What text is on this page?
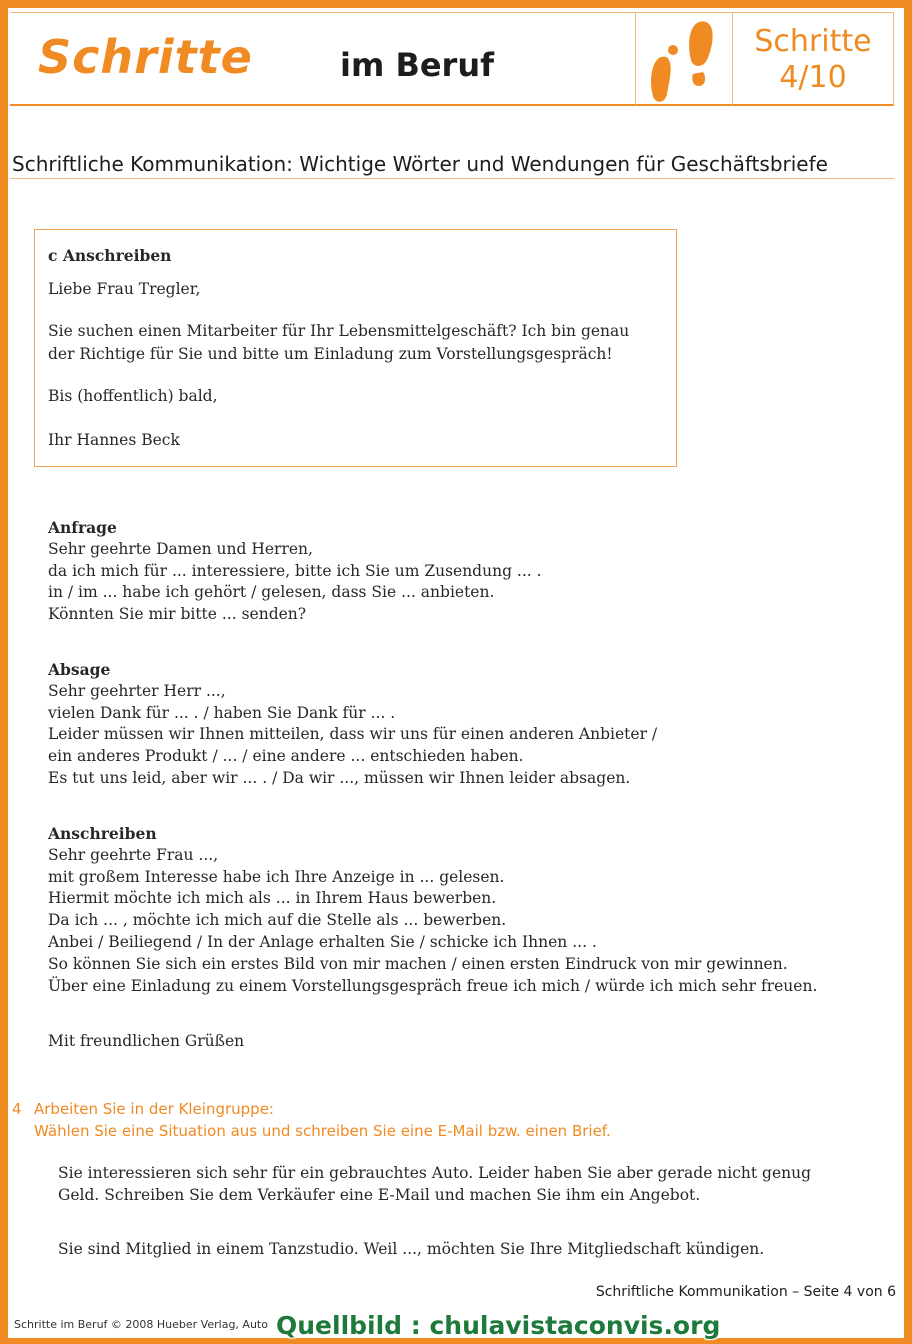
Schritte	im Beruf
Schritte
4/10
Schriftliche Kommunikation: Wichtige Wörter und Wendungen für Geschäftsbriefe
c Anschreiben
Liebe Frau Tregler,
Sie suchen einen Mitarbeiter für Ihr Lebensmittelgeschäft? Ich bin genau
der Richtige für Sie und bitte um Einladung zum Vorstellungsgespräch!
Bis (hoffentlich) bald,
Ihr Hannes Beck
Anfrage
Sehr geehrte Damen und Herren,
da ich mich für ... interessiere, bitte ich Sie um Zusendung ... .
in / im ... habe ich gehört / gelesen, dass Sie ... anbieten.
Könnten Sie mir bitte ... senden?
Absage
Sehr geehrter Herr ...,
vielen Dank für ... . / haben Sie Dank für ... .
Leider müssen wir Ihnen mitteilen, dass wir uns für einen anderen Anbieter /
ein anderes Produkt / ... / eine andere ... entschieden haben.
Es tut uns leid, aber wir ... . / Da wir ..., müssen wir Ihnen leider absagen.
Anschreiben
Sehr geehrte Frau ...,
mit großem Interesse habe ich Ihre Anzeige in ... gelesen.
Hiermit möchte ich mich als ... in Ihrem Haus bewerben.
Da ich ... , möchte ich mich auf die Stelle als ... bewerben.
Anbei / Beiliegend / In der Anlage erhalten Sie / schicke ich Ihnen ... .
So können Sie sich ein erstes Bild von mir machen / einen ersten Eindruck von mir gewinnen.
Über eine Einladung zu einem Vorstellungsgespräch freue ich mich / würde ich mich sehr freuen.
Mit freundlichen Grüßen
4 Arbeiten Sie in der Kleingruppe:
Wählen Sie eine Situation aus und schreiben Sie eine E-Mail bzw. einen Brief.
Sie interessieren sich sehr für ein gebrauchtes Auto. Leider haben Sie aber gerade nicht genug
Geld. Schreiben Sie dem Verkäufer eine E-Mail und machen Sie ihm ein Angebot.
Sie sind Mitglied in einem Tanzstudio. Weil ..., möchten Sie Ihre Mitgliedschaft kündigen.
Schriftliche Kommunikation – Seite 4 von 6
Schritte im Beruf © 2008 Hueber Verlag, Auto Quellbild : chulavistaconvis.org
